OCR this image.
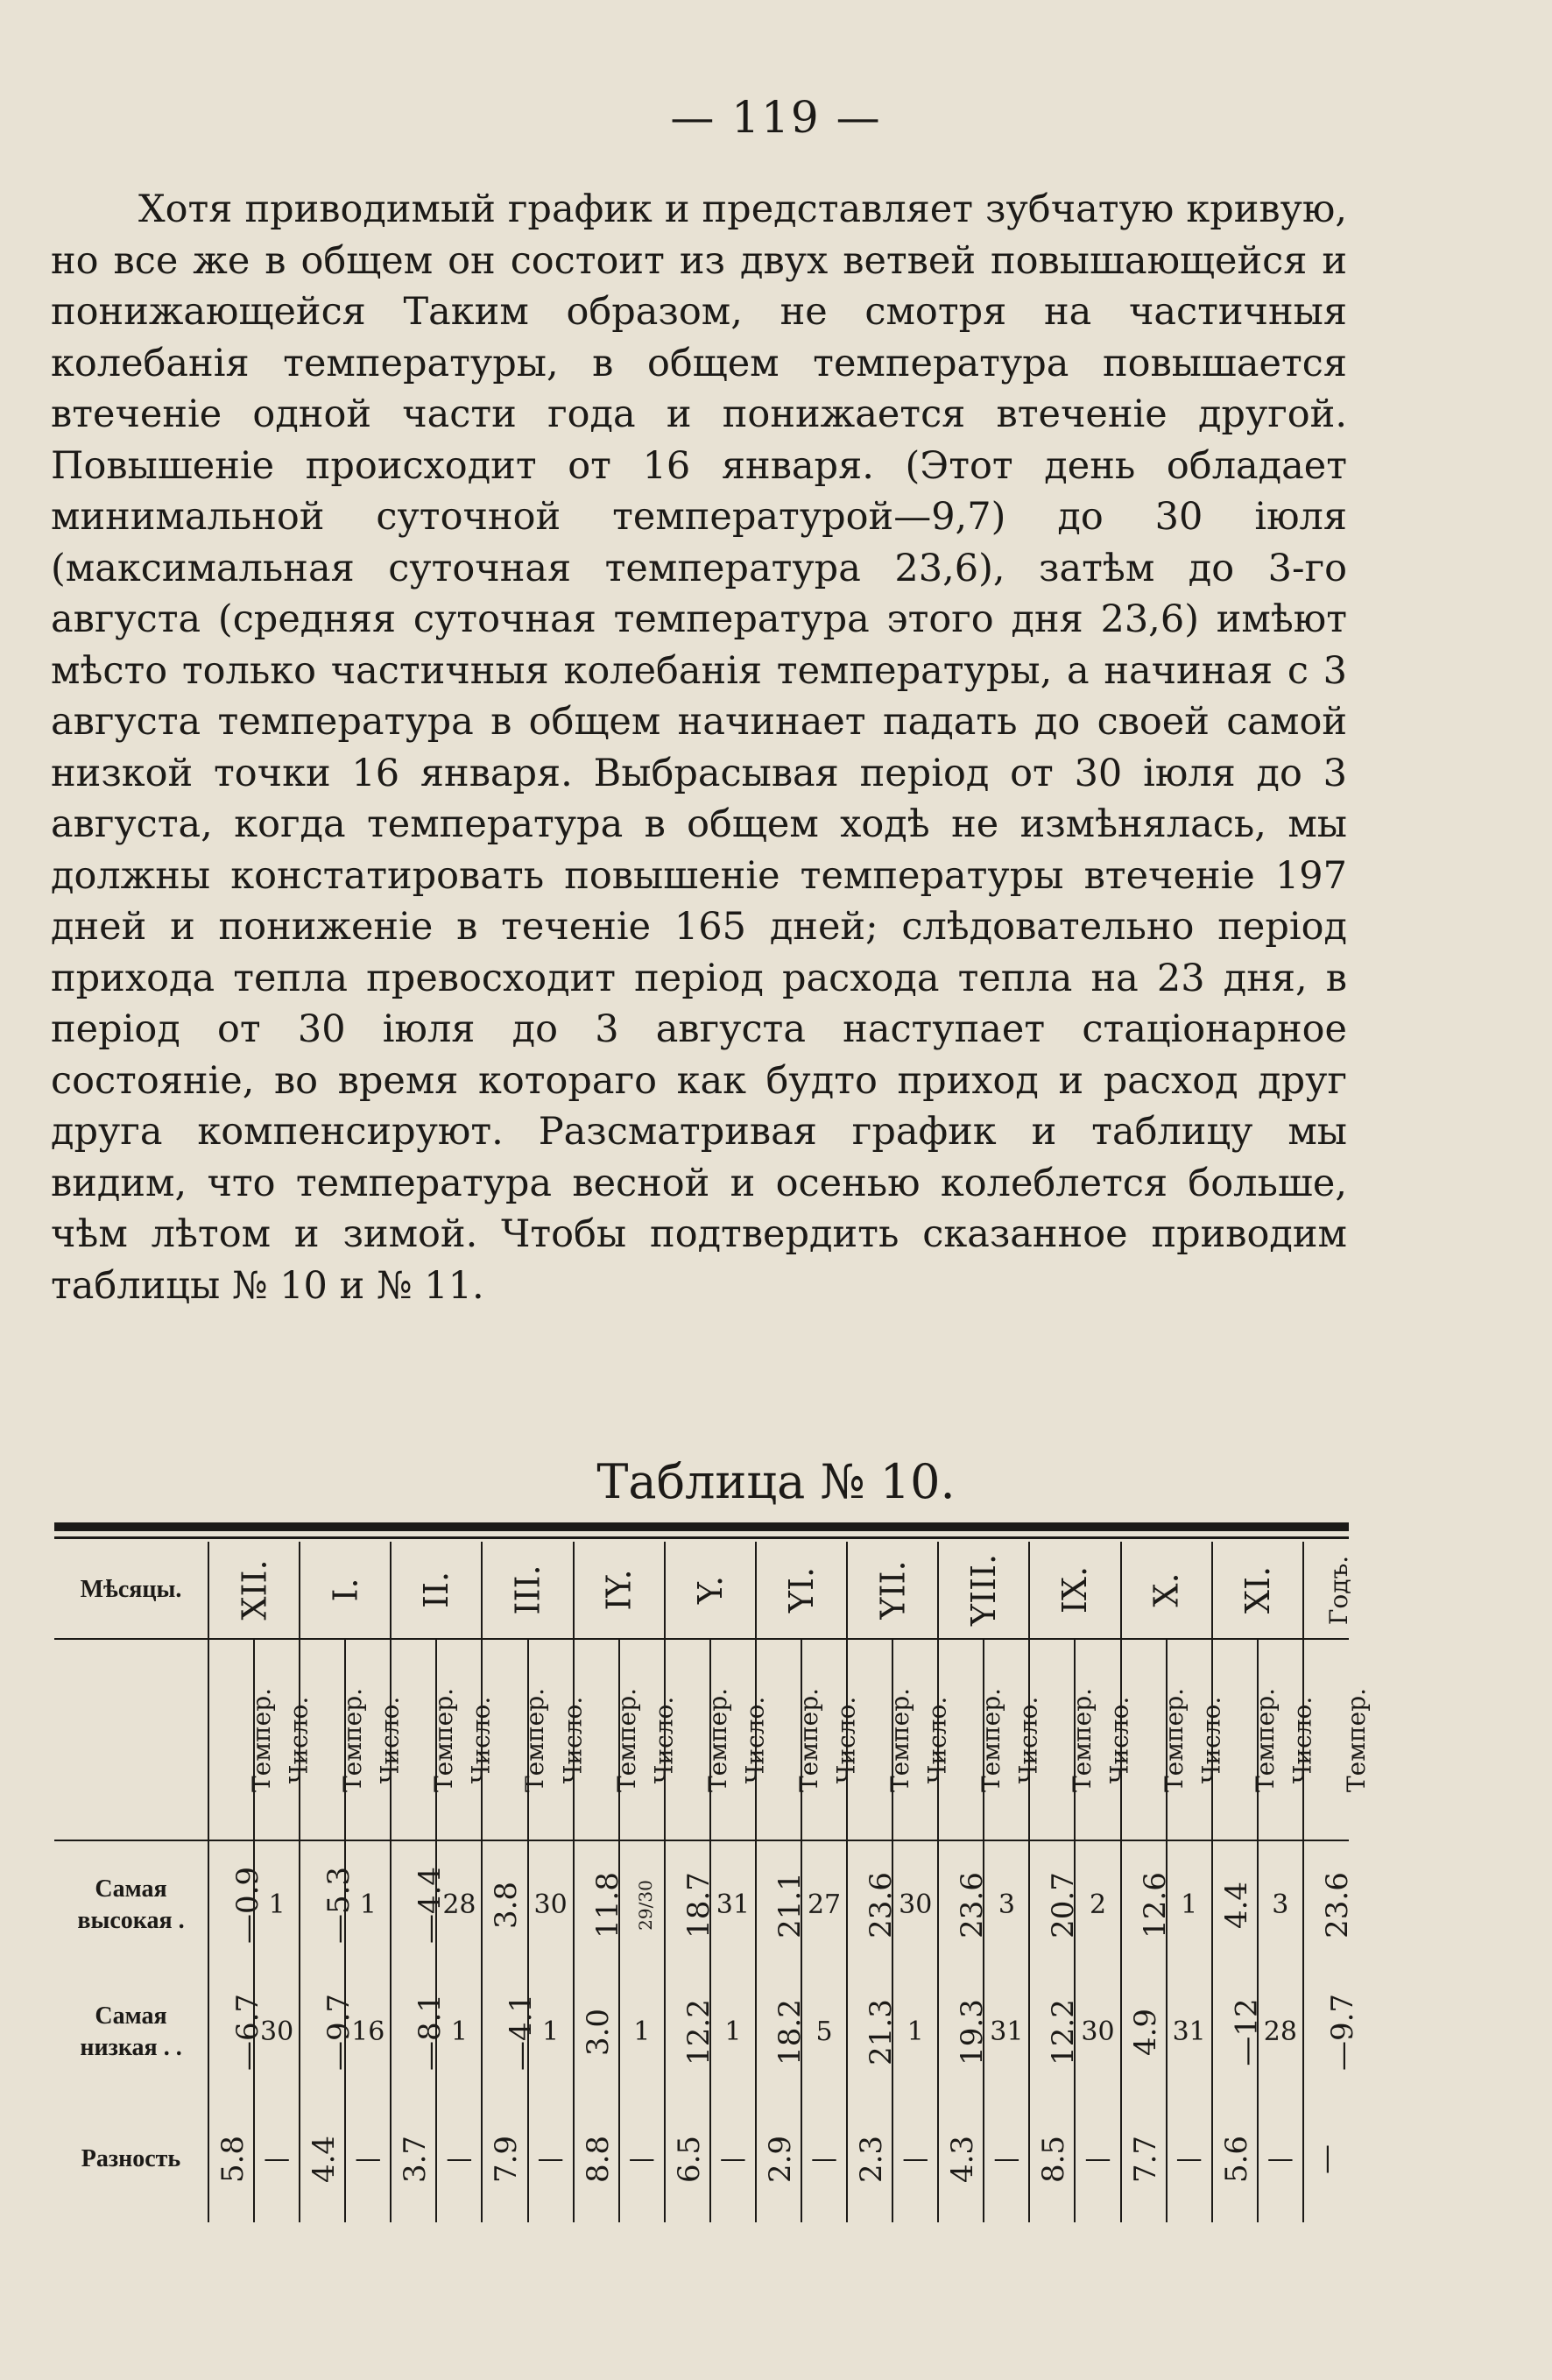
— 119 —

Хотя приводимый график и представляет зубчатую кривую, но все же в общем он состоит из двух ветвей повышающейся и понижающейся Таким образом, не смотря на частичныя колебанія температуры, в общем температура повышается втеченіе одной части года и понижается втеченіе другой. Повышеніе происходит от 16 января. (Этот день обладает минимальной суточной температурой—9,7) до 30 іюля (максимальная суточная температура 23,6), затѣм до 3-го августа (средняя суточная температура этого дня 23,6) имѣют мѣсто только частичныя колебанія температуры, а начиная с 3 августа температура в общем начинает падать до своей самой низкой точки 16 января. Выбрасывая період от 30 іюля до 3 августа, когда температура в общем ходѣ не измѣнялась, мы должны констатировать повышеніе температуры втеченіе 197 дней и пониженіе в теченіе 165 дней; слѣдовательно період прихода тепла превосходит період расхода тепла на 23 дня, в період от 30 іюля до 3 августа наступает стаціонарное состояніе, во время котораго как будто приход и расход друг друга компенсируют. Разсматривая график и таблицу мы видим, что температура весной и осенью колеблется больше, чѣм лѣтом и зимой. Чтобы подтвердить сказанное приводим таблицы № 10 и № 11.

Таблица № 10.
Мѣсяцы.	XII.		I.		II.		III.		IY.		Y.		YI.		YII.		YIII.		IX.		X.		XI.		Годъ.
	Темпер.	Число.	Темпер.	Число.	Темпер.	Число.	Темпер.	Число.	Темпер.	Число.	Темпер.	Число.	Темпер.	Число.	Темпер.	Число.	Темпер.	Число.	Темпер.	Число.	Темпер.	Число.	Темпер.	Число.	Темпер.
Самая высокая .	—0.9	1	—5.3	1	—4.4	28	3.8	30	11.8	29/30	18.7	31	21.1	27	23.6	30	23.6	3	20.7	2	12.6	1	4.4	3	23.6
Самая низкая . .	—6.7	30	—9.7	16	—8.1	1	—4.1	1	3.0	1	12.2	1	18.2	5	21.3	1	19.3	31	12.2	30	4.9	31	—12	28	—9.7
Разность	5.8	—	4.4	—	3.7	—	7.9	—	8.8	—	6.5	—	2.9	—	2.3	—	4.3	—	8.5	—	7.7	—	5.6	—	—
